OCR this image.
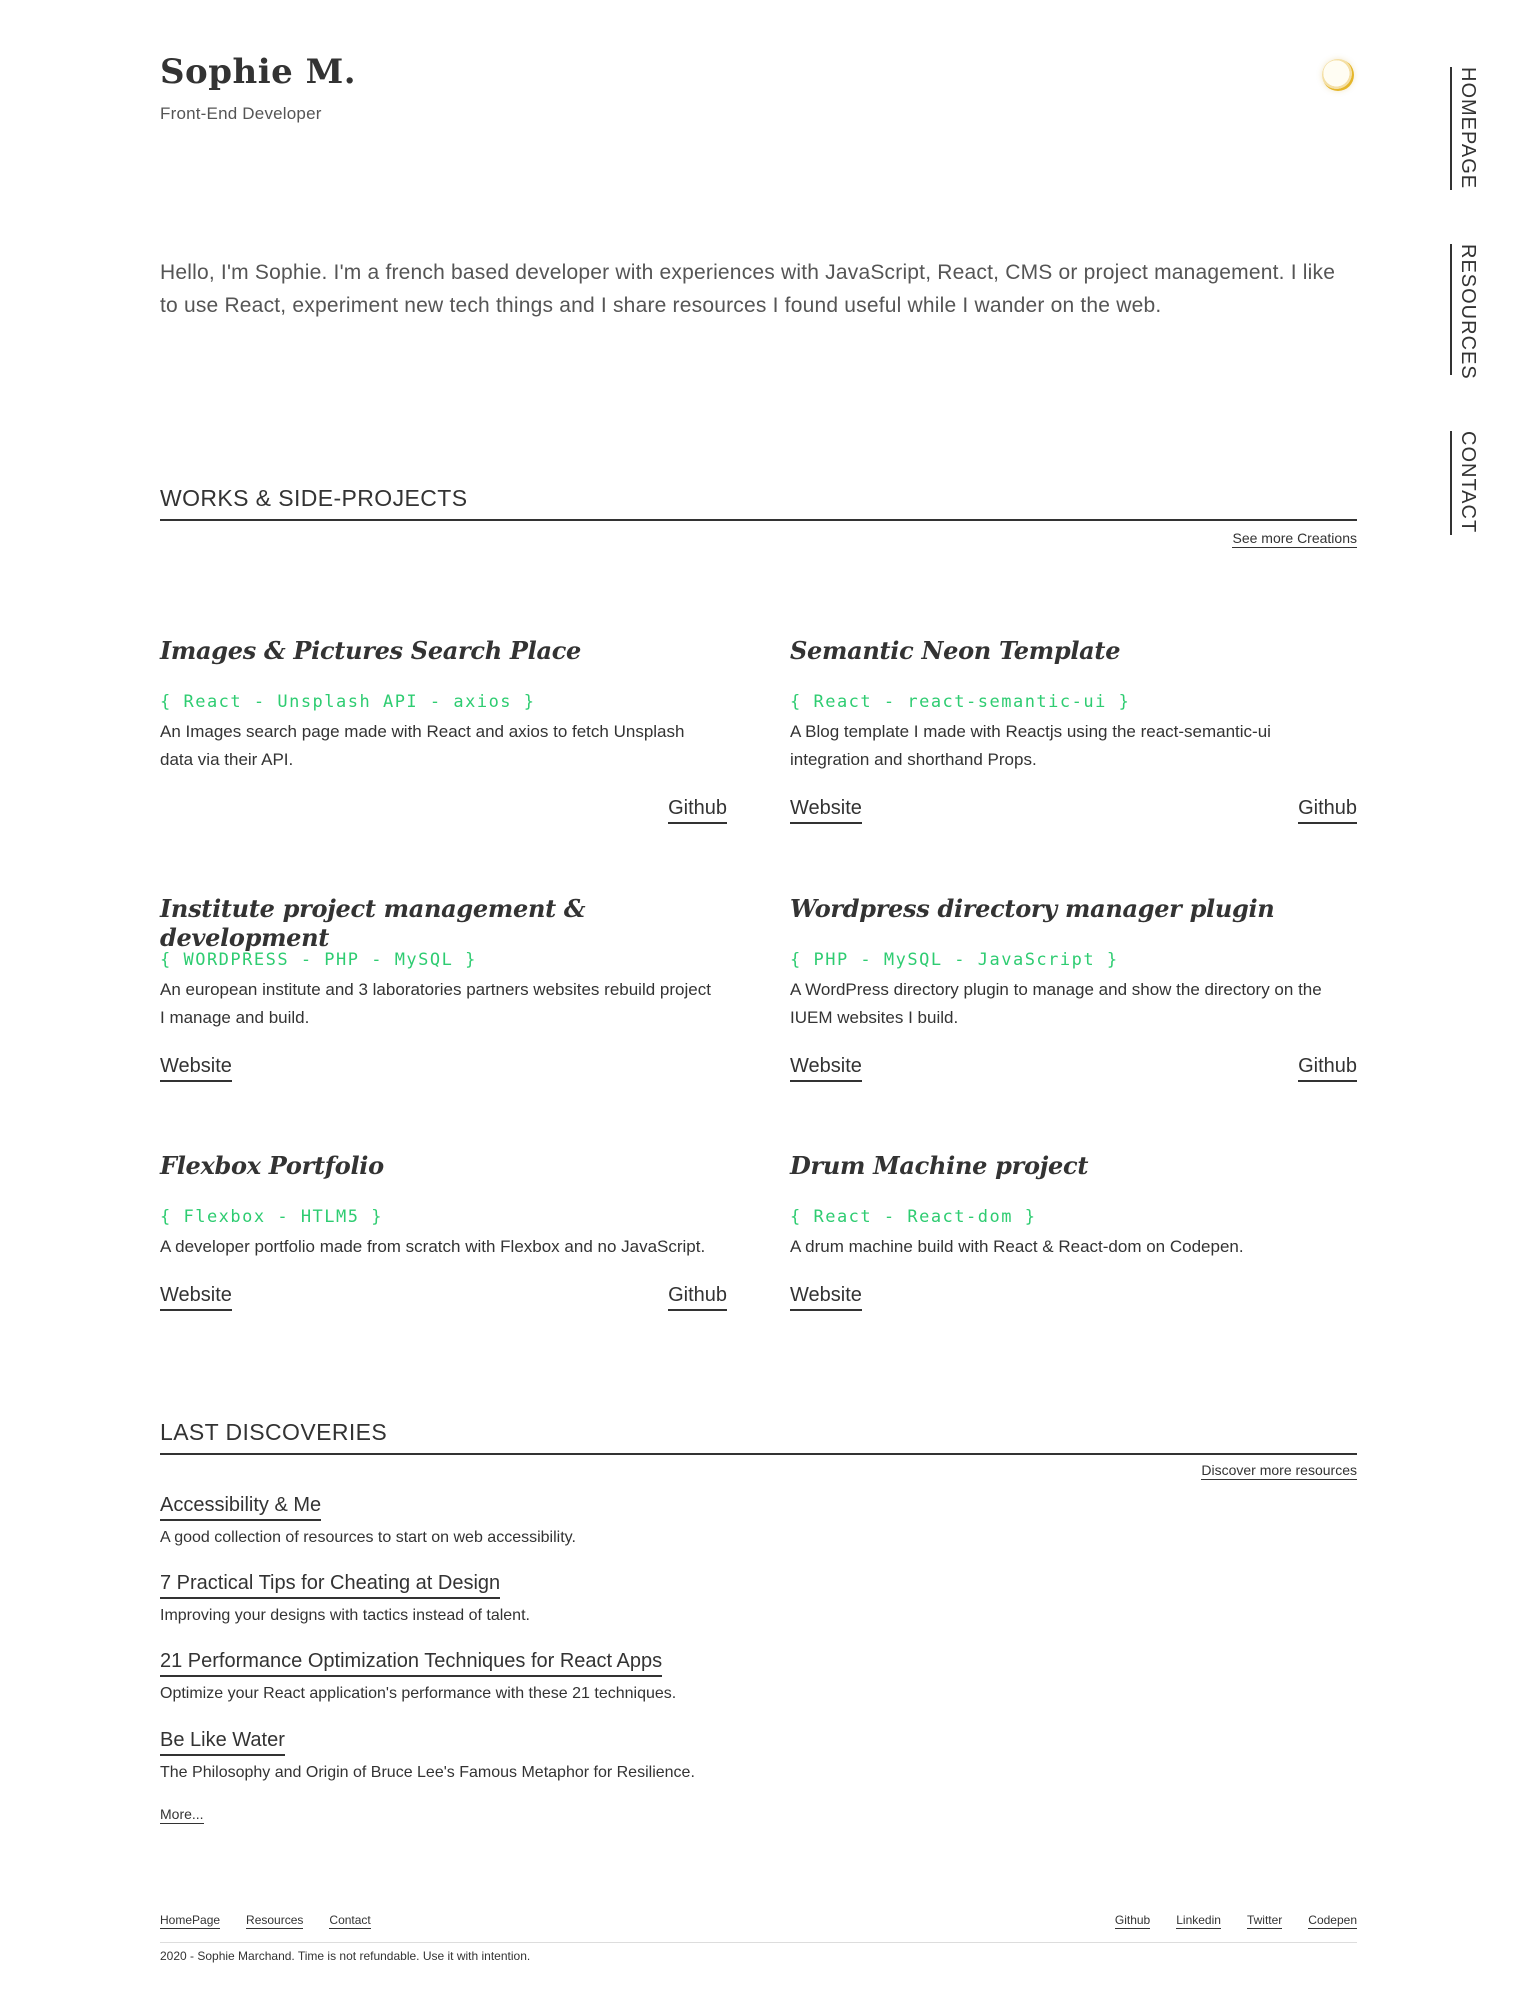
Sophie M.
Front-End Developer

Hello, I'm Sophie. I'm a french based developer with experiences with JavaScript, React, CMS or project management. I like to use React, experiment new tech things and I share resources I found useful while I wander on the web.

WORKS & SIDE-PROJECTS
See more Creations
Images & Pictures Search Place
{ React - Unsplash API - axios }

An Images search page made with React and axios to fetch Unsplash data via their API.

Github
Semantic Neon Template
{ React - react-semantic-ui }

A Blog template I made with Reactjs using the react-semantic-ui integration and shorthand Props.

Website	Github
Institute project management & development
{ WORDPRESS - PHP - MySQL }

An european institute and 3 laboratories partners websites rebuild project I manage and build.

Website
Wordpress directory manager plugin
{ PHP - MySQL - JavaScript }

A WordPress directory plugin to manage and show the directory on the IUEM websites I build.

Website	Github
Flexbox Portfolio
{ Flexbox - HTLM5 }

A developer portfolio made from scratch with Flexbox and no JavaScript.

Website	Github
Drum Machine project
{ React - React-dom }

A drum machine build with React & React-dom on Codepen.

Website
LAST DISCOVERIES
Discover more resources
Accessibility & Me
A good collection of resources to start on web accessibility.
7 Practical Tips for Cheating at Design
Improving your designs with tactics instead of talent.
21 Performance Optimization Techniques for React Apps
Optimize your React application's performance with these 21 techniques.
Be Like Water
The Philosophy and Origin of Bruce Lee's Famous Metaphor for Resilience.
More...
HomePage Resources Contact	Github Linkedin Twitter Codepen
2020 - Sophie Marchand. Time is not refundable. Use it with intention.
HOMEPAGE
RESOURCES
CONTACT
